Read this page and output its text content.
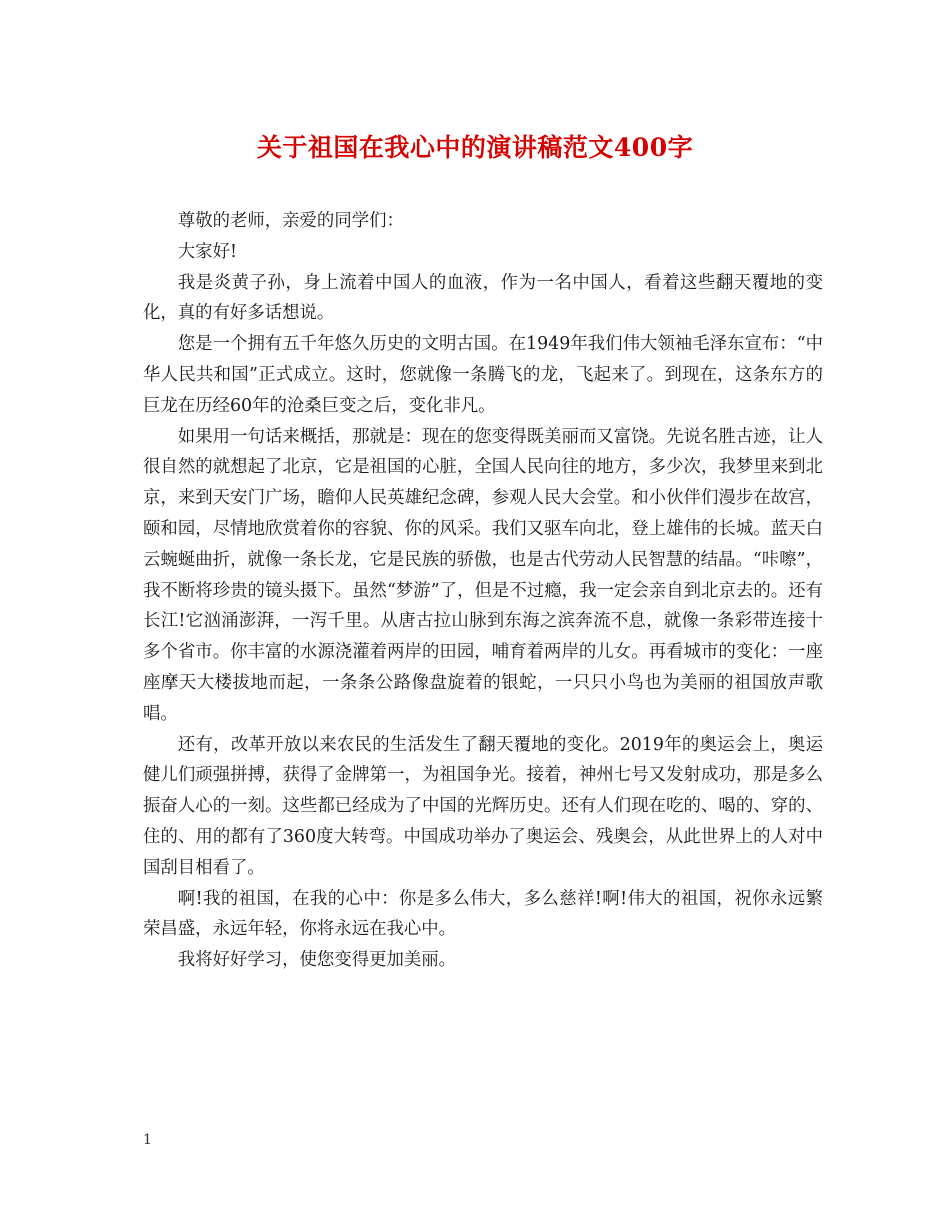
关于祖国在我心中的演讲稿范文400字

尊敬的老师，亲爱的同学们：

大家好!

我是炎黄子孙，身上流着中国人的血液，作为一名中国人，看着这些翻天覆地的变化，真的有好多话想说。

您是一个拥有五千年悠久历史的文明古国。在1949年我们伟大领袖毛泽东宣布：“中华人民共和国”正式成立。这时，您就像一条腾飞的龙，飞起来了。到现在，这条东方的巨龙在历经60年的沧桑巨变之后，变化非凡。

如果用一句话来概括，那就是：现在的您变得既美丽而又富饶。先说名胜古迹，让人很自然的就想起了北京，它是祖国的心脏，全国人民向往的地方，多少次，我梦里来到北京，来到天安门广场，瞻仰人民英雄纪念碑，参观人民大会堂。和小伙伴们漫步在故宫，颐和园，尽情地欣赏着你的容貌、你的风采。我们又驱车向北，登上雄伟的长城。蓝天白云蜿蜒曲折，就像一条长龙，它是民族的骄傲，也是古代劳动人民智慧的结晶。“咔嚓”，我不断将珍贵的镜头摄下。虽然“梦游”了，但是不过瘾，我一定会亲自到北京去的。还有长江!它汹涌澎湃，一泻千里。从唐古拉山脉到东海之滨奔流不息，就像一条彩带连接十多个省市。你丰富的水源浇灌着两岸的田园，哺育着两岸的儿女。再看城市的变化：一座座摩天大楼拔地而起，一条条公路像盘旋着的银蛇，一只只小鸟也为美丽的祖国放声歌唱。

还有，改革开放以来农民的生活发生了翻天覆地的变化。2019年的奥运会上，奥运健儿们顽强拼搏，获得了金牌第一，为祖国争光。接着，神州七号又发射成功，那是多么振奋人心的一刻。这些都已经成为了中国的光辉历史。还有人们现在吃的、喝的、穿的、住的、用的都有了360度大转弯。中国成功举办了奥运会、残奥会，从此世界上的人对中国刮目相看了。

啊!我的祖国，在我的心中：你是多么伟大，多么慈祥!啊!伟大的祖国，祝你永远繁荣昌盛，永远年轻，你将永远在我心中。

我将好好学习，使您变得更加美丽。

1
